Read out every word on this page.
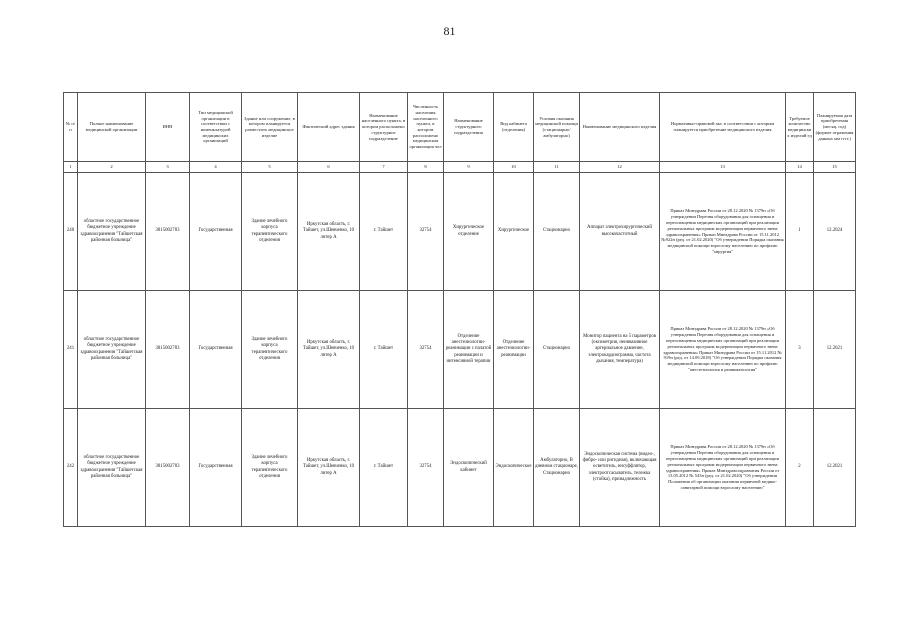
81
№ п/п	Полное наименование медицинской организации	ИНН	Тип медицинской организации в соответствии с номенклатурой медицинских организаций	Здание или сооружение, в котором планируется разместить медицинское изделие	Фактический адрес здания	Наименование населенного пункта, в котором расположено структурное подразделение	Численность населения населенного пункта, в котором расположено медицинская организация чел	Наименование структурного подразделения	Вид кабинета (отделения)	Условия оказания медицинской помощи (стационарно/амбулаторно)	Наименование медицинского изделия	Нормативно-правовой акт, в соответствии с которым планируется приобретение медицинского изделия	Требуемое количество медицинских изделий ед	Планируемая дата приобретения (месяц, год) (формат отражения данных мм гггг.)
1	2	3	4	5	6	7	8	9	10	11	12	13	14	15
240	областное государственное бюджетное учреждение здравоохранения "Тайшетская районная больница"	3815002783	Государственная	Здание лечебного корпуса терапевтического отделения	Иркутская область, г. Тайшет, ул.Шевченко, 10 литер А	г. Тайшет	32754	Хирургическое отделение	Хирургическое	Стационарно	Аппарат электрохирургический высокочастотный	Приказ Минздрава России от 28.12.2020 № 1379н «Об утверждении Перечня оборудования для оснащения и переоснащения медицинских организаций при реализации региональных программ модернизации первичного звена здравоохранения» Приказ Минздрава России от 15.11.2012 №922н (ред. от 21.02.2020) "Об утверждении Порядка оказания медицинской помощи взрослому населению по профилю "хирургия"	1	12.2024
241	областное государственное бюджетное учреждение здравоохранения "Тайшетская районная больница"	3815002783	Государственная	Здание лечебного корпуса терапевтического отделения	Иркутская область, г. Тайшет, ул.Шевченко, 10 литер А	г. Тайшет	32754	Отделение анестезиологии-реанимации с палатой реанимации и интенсивной терапии	Отделение анестезиологии-реанимации	Стационарно	Монитор пациента на 5 параметров (оксиметрия, неинвазивное артериальное давление, электрокардиограмма, частота дыхания, температура)	Приказ Минздрава России от 28.12.2020 № 1379н «Об утверждении Перечня оборудования для оснащения и переоснащения медицинских организаций при реализации региональных программ модернизации первичного звена здравоохранения» Приказ Минздрава России от 15.11.2012 № 919н (ред. от 14.09.2018) "Об утверждении Порядка оказания медицинской помощи взрослому населению по профилю "анестезиология и реаниматология"	3	12.2021
242	областное государственное бюджетное учреждение здравоохранения "Тайшетская районная больница"	3815002783	Государственная	Здание лечебного корпуса терапевтического отделения	Иркутская область, г. Тайшет, ул.Шевченко, 10 литер А	г. Тайшет	32754	Эндоскопический кабинет	Эндоскопическое	Амбулаторно, В дневном стационаре, Стационарно	Эндоскопическая система (видео-, фибро- или ригидная), включающая осветитель, инсуффлятор, электроотсасыватель, тележка (стойка), принадлежность	Приказ Минздрава России от 28.12.2020 № 1379н «Об утверждении Перечня оборудования для оснащения и переоснащения медицинских организаций при реализации региональных программ модернизации первичного звена здравоохранения» Приказ Минздравсоцразвития России от 13.05.2012 № 543н (ред. от 21.02.2020) "Об утверждении Положения об организации оказания первичной медико-санитарной помощи взрослому населению"	2	12.2021
